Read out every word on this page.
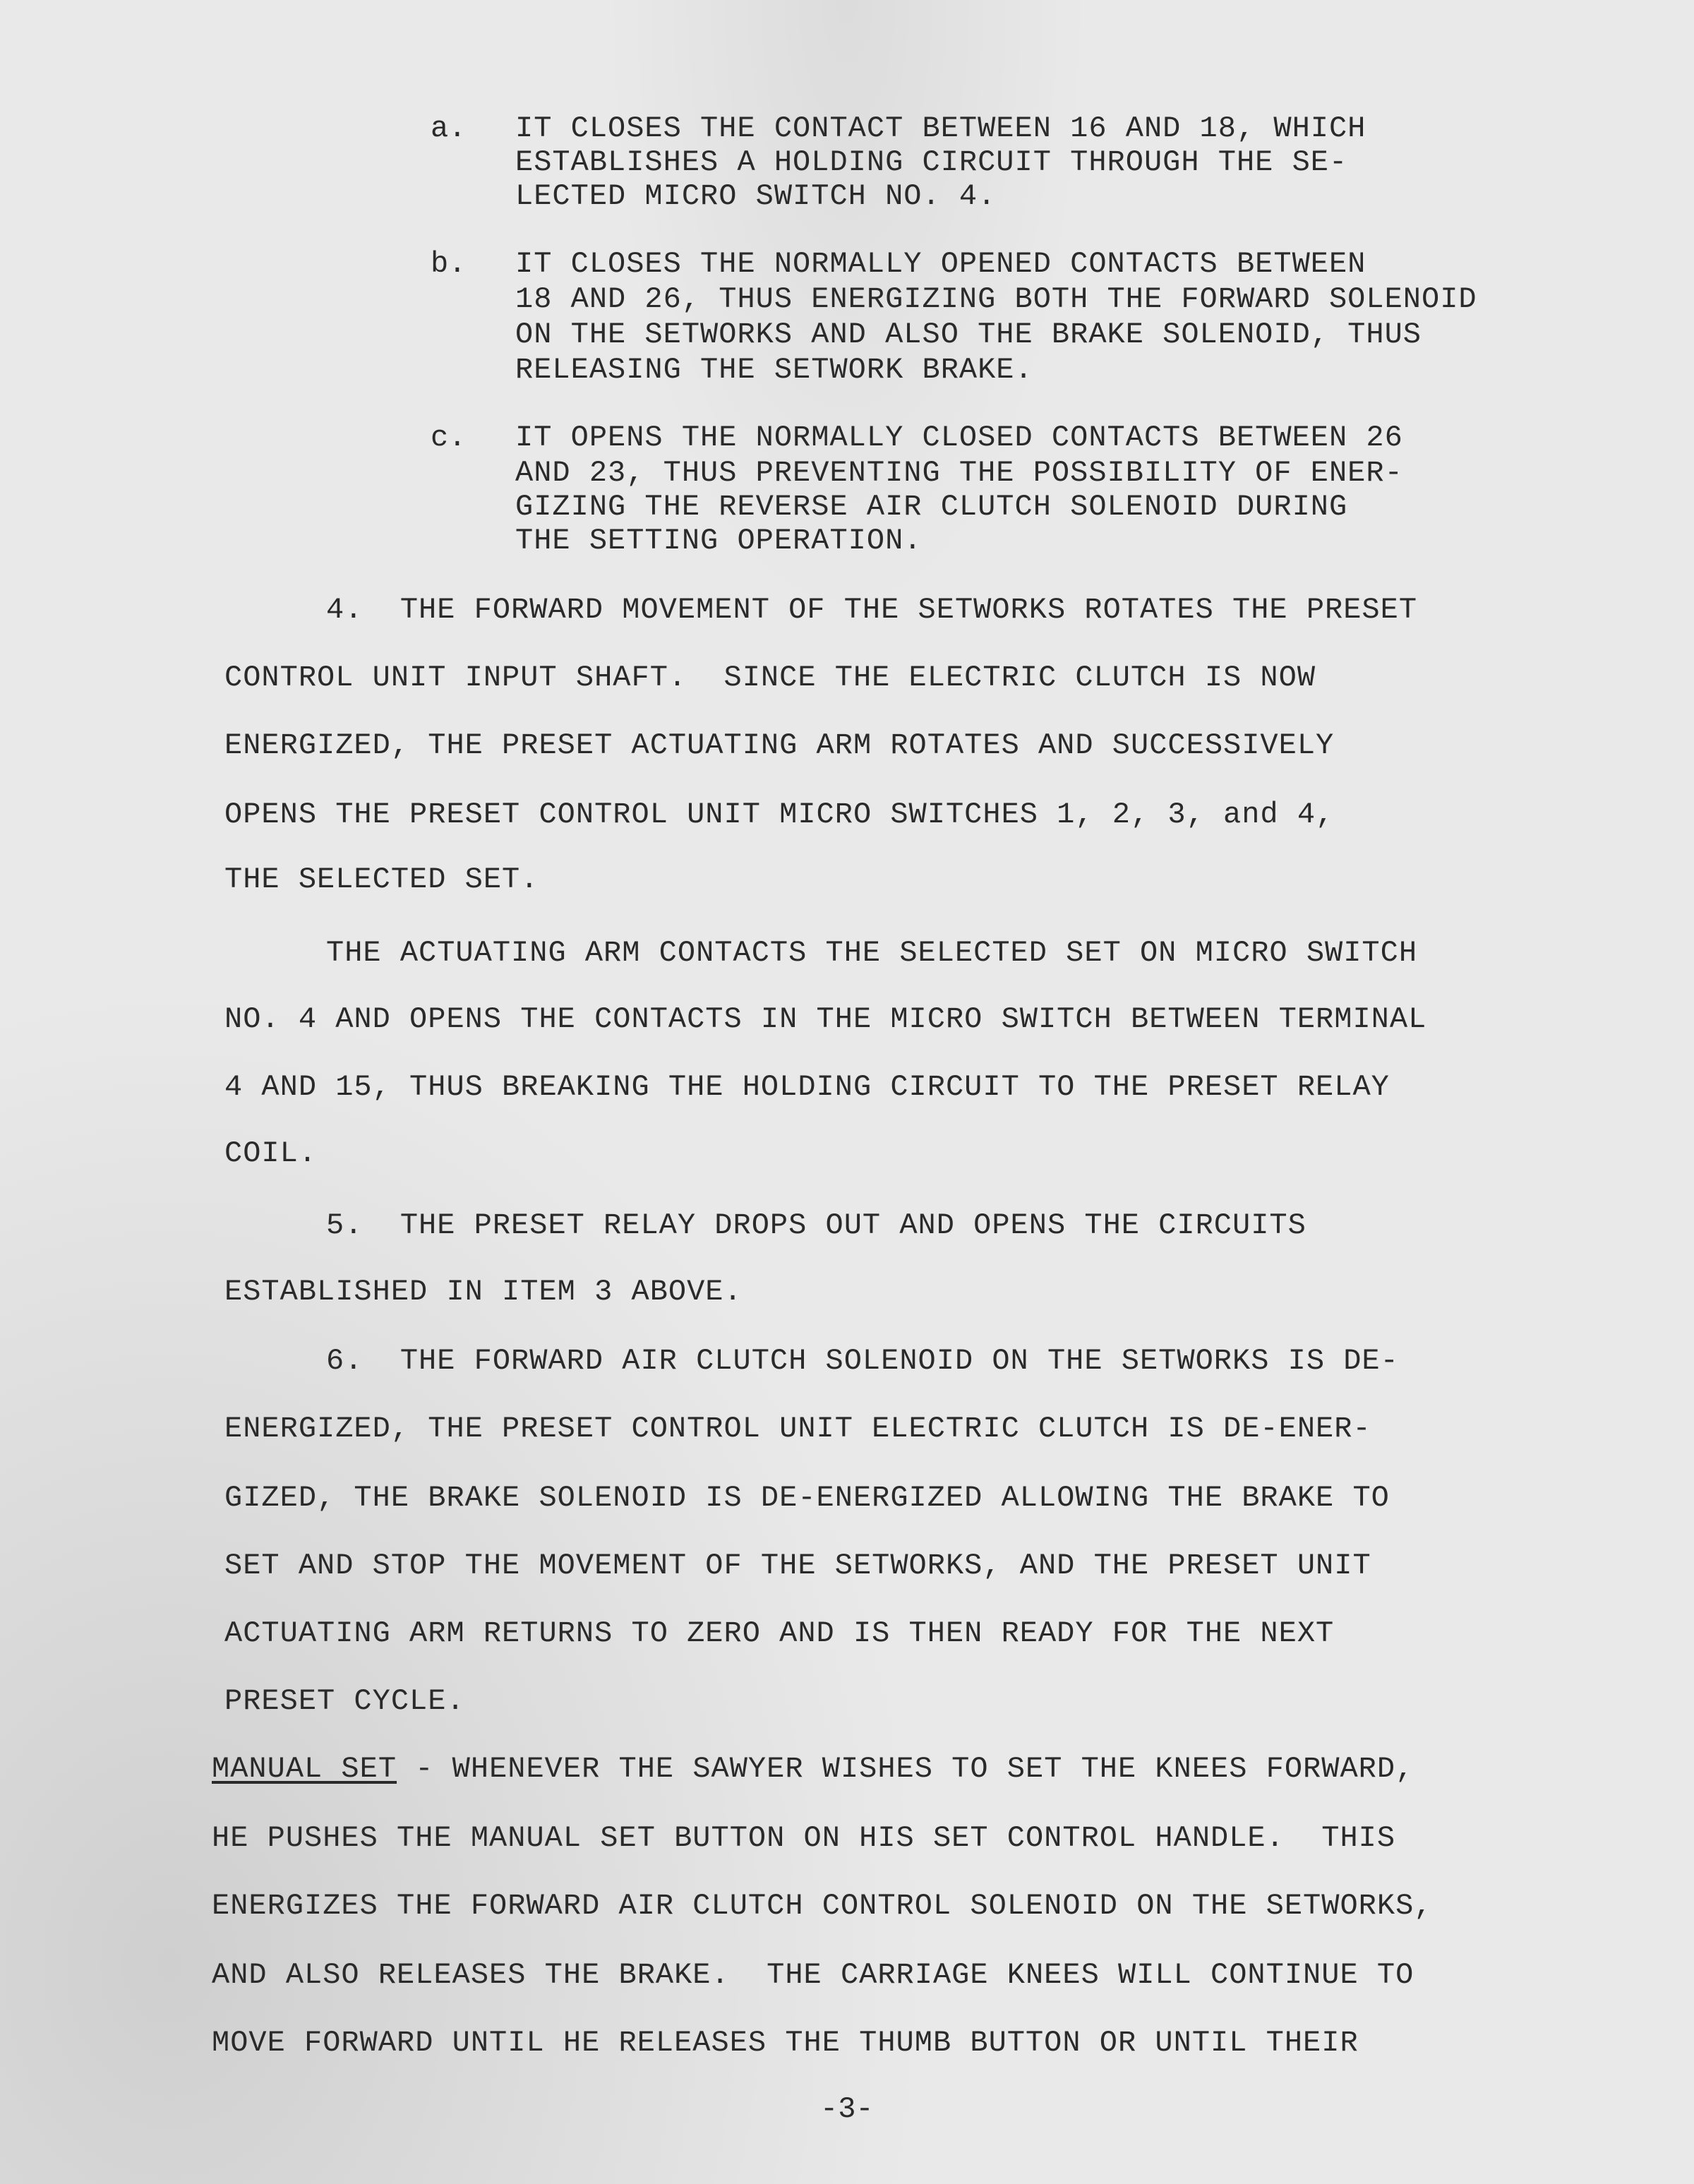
a. IT CLOSES THE CONTACT BETWEEN 16 AND 18, WHICH
ESTABLISHES A HOLDING CIRCUIT THROUGH THE SE-
LECTED MICRO SWITCH NO. 4.
b. IT CLOSES THE NORMALLY OPENED CONTACTS BETWEEN
18 AND 26, THUS ENERGIZING BOTH THE FORWARD SOLENOID
ON THE SETWORKS AND ALSO THE BRAKE SOLENOID, THUS
RELEASING THE SETWORK BRAKE.
c. IT OPENS THE NORMALLY CLOSED CONTACTS BETWEEN 26
AND 23, THUS PREVENTING THE POSSIBILITY OF ENER-
GIZING THE REVERSE AIR CLUTCH SOLENOID DURING
THE SETTING OPERATION.
4.  THE FORWARD MOVEMENT OF THE SETWORKS ROTATES THE PRESET
CONTROL UNIT INPUT SHAFT.  SINCE THE ELECTRIC CLUTCH IS NOW
ENERGIZED, THE PRESET ACTUATING ARM ROTATES AND SUCCESSIVELY
OPENS THE PRESET CONTROL UNIT MICRO SWITCHES 1, 2, 3, and 4,
THE SELECTED SET.
THE ACTUATING ARM CONTACTS THE SELECTED SET ON MICRO SWITCH
NO. 4 AND OPENS THE CONTACTS IN THE MICRO SWITCH BETWEEN TERMINAL
4 AND 15, THUS BREAKING THE HOLDING CIRCUIT TO THE PRESET RELAY
COIL.
5.  THE PRESET RELAY DROPS OUT AND OPENS THE CIRCUITS
ESTABLISHED IN ITEM 3 ABOVE.
6.  THE FORWARD AIR CLUTCH SOLENOID ON THE SETWORKS IS DE-
ENERGIZED, THE PRESET CONTROL UNIT ELECTRIC CLUTCH IS DE-ENER-
GIZED, THE BRAKE SOLENOID IS DE-ENERGIZED ALLOWING THE BRAKE TO
SET AND STOP THE MOVEMENT OF THE SETWORKS, AND THE PRESET UNIT
ACTUATING ARM RETURNS TO ZERO AND IS THEN READY FOR THE NEXT
PRESET CYCLE.
MANUAL SET - WHENEVER THE SAWYER WISHES TO SET THE KNEES FORWARD,
HE PUSHES THE MANUAL SET BUTTON ON HIS SET CONTROL HANDLE.  THIS
ENERGIZES THE FORWARD AIR CLUTCH CONTROL SOLENOID ON THE SETWORKS,
AND ALSO RELEASES THE BRAKE.  THE CARRIAGE KNEES WILL CONTINUE TO
MOVE FORWARD UNTIL HE RELEASES THE THUMB BUTTON OR UNTIL THEIR
-3-
